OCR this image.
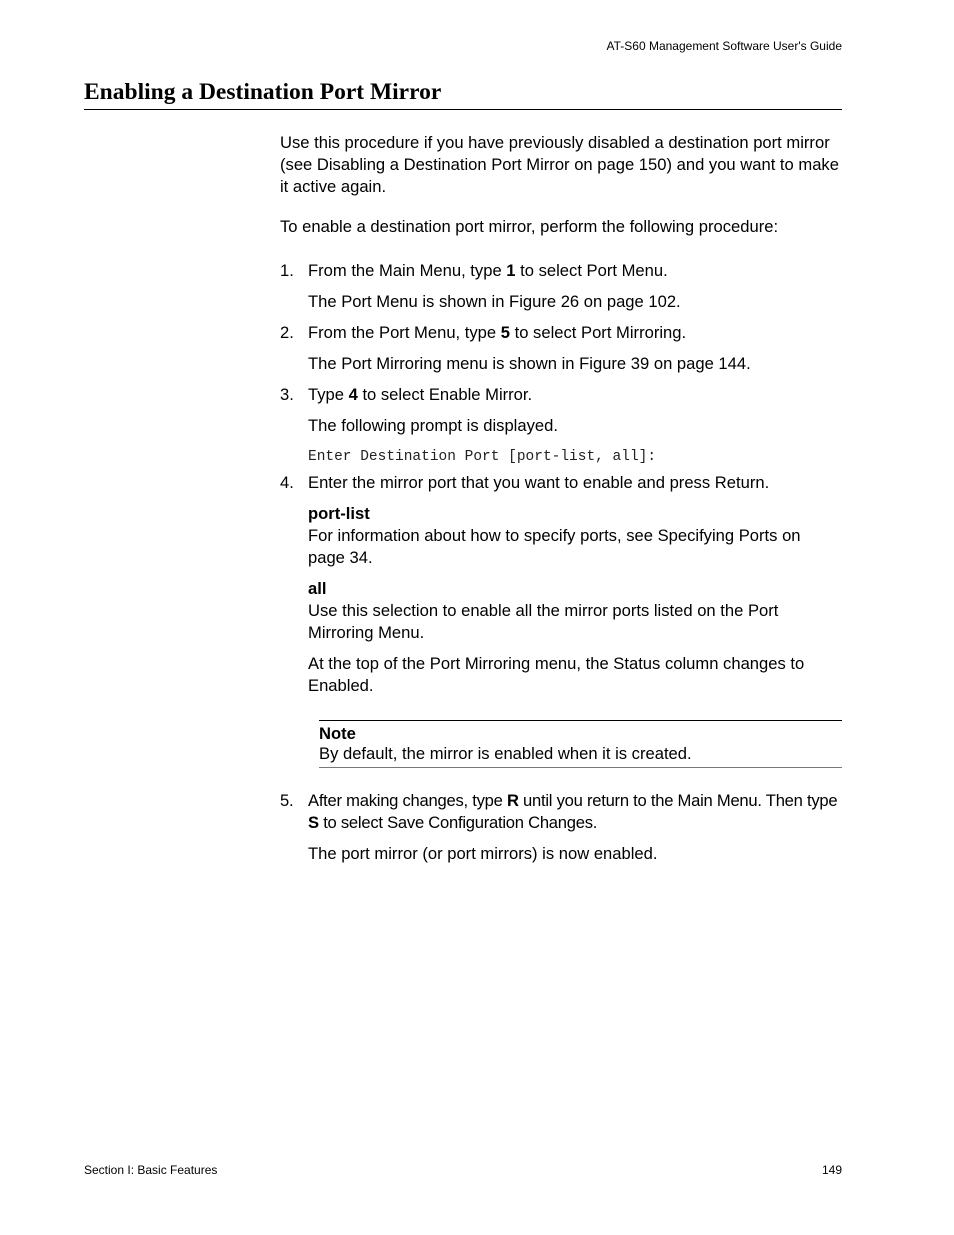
AT-S60 Management Software User's Guide
Enabling a Destination Port Mirror

Use this procedure if you have previously disabled a destination port mirror (see Disabling a Destination Port Mirror on page 150) and you want to make it active again.

To enable a destination port mirror, perform the following procedure:

1. From the Main Menu, type 1 to select Port Menu.

The Port Menu is shown in Figure 26 on page 102.

2. From the Port Menu, type 5 to select Port Mirroring.

The Port Mirroring menu is shown in Figure 39 on page 144.

3. Type 4 to select Enable Mirror.

The following prompt is displayed.

Enter Destination Port [port-list, all]:

4. Enter the mirror port that you want to enable and press Return.

port-list

For information about how to specify ports, see Specifying Ports on page 34.

all

Use this selection to enable all the mirror ports listed on the Port Mirroring Menu.

At the top of the Port Mirroring menu, the Status column changes to Enabled.

Note
By default, the mirror is enabled when it is created.

5. After making changes, type R until you return to the Main Menu. Then type S to select Save Configuration Changes.

The port mirror (or port mirrors) is now enabled.

Section I: Basic Features	149
